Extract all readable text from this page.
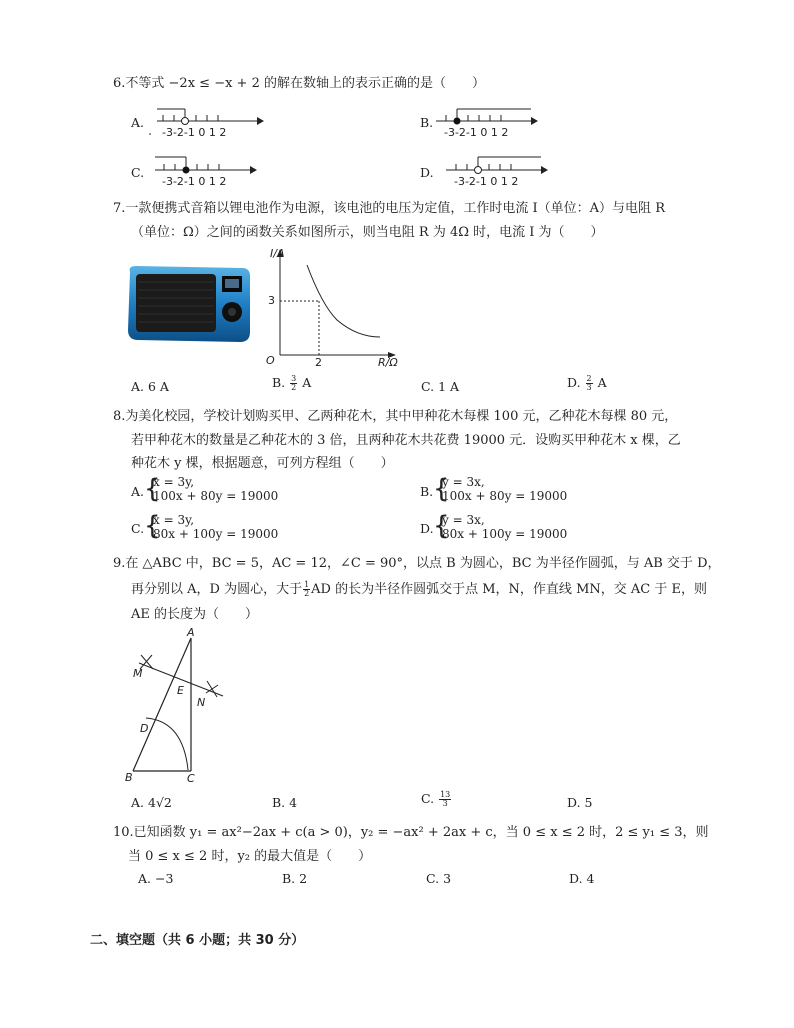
6.不等式 −2x ≤ −x + 2 的解在数轴上的表示正确的是（　　）
A.
-3-2-1 0 1 2
B.
-3-2-1 0 1 2
C.
-3-2-1 0 1 2
D.
-3-2-1 0 1 2
7.一款便携式音箱以锂电池作为电源，该电池的电压为定值，工作时电流 I（单位：A）与电阻 R
（单位：Ω）之间的函数关系如图所示，则当电阻 R 为 4Ω 时，电流 I 为（　　）
I/A
3
O	2	R/Ω
A. 6 A	B. $\frac{3}{2}$ A	C. 1 A	D. $\frac{2}{3}$ A
8.为美化校园，学校计划购买甲、乙两种花木，其中甲种花木每棵 100 元，乙种花木每棵 80 元，
若甲种花木的数量是乙种花木的 3 倍，且两种花木共花费 19000 元．设购买甲种花木 x 棵，乙
种花木 y 棵，根据题意，可列方程组（　　）
A. {
x = 3y,
100x + 80y = 19000	B. {
y = 3x,
100x + 80y = 19000
C. {
x = 3y,
80x + 100y = 19000	D. {
y = 3x,
80x + 100y = 19000
9.在 △ABC 中，BC = 5，AC = 12，∠C = 90°，以点 B 为圆心，BC 为半径作圆弧，与 AB 交于 D，
再分别以 A，D 为圆心，大于 $\frac{1}{2}$ AD 的长为半径作圆弧交于点 M，N，作直线 MN，交 AC 于 E，则
AE 的长度为（　　）
A
M
E
N
D
B	C
A. 4√2	B. 4	C. $\frac{13}{3}$	D. 5
10.已知函数 y₁ = ax²−2ax + c(a > 0)，y₂ = −ax² + 2ax + c，当 0 ≤ x ≤ 2 时，2 ≤ y₁ ≤ 3，则
当 0 ≤ x ≤ 2 时，y₂ 的最大值是（　　）
A. −3	B. 2	C. 3	D. 4
二、填空题（共 6 小题；共 30 分）
